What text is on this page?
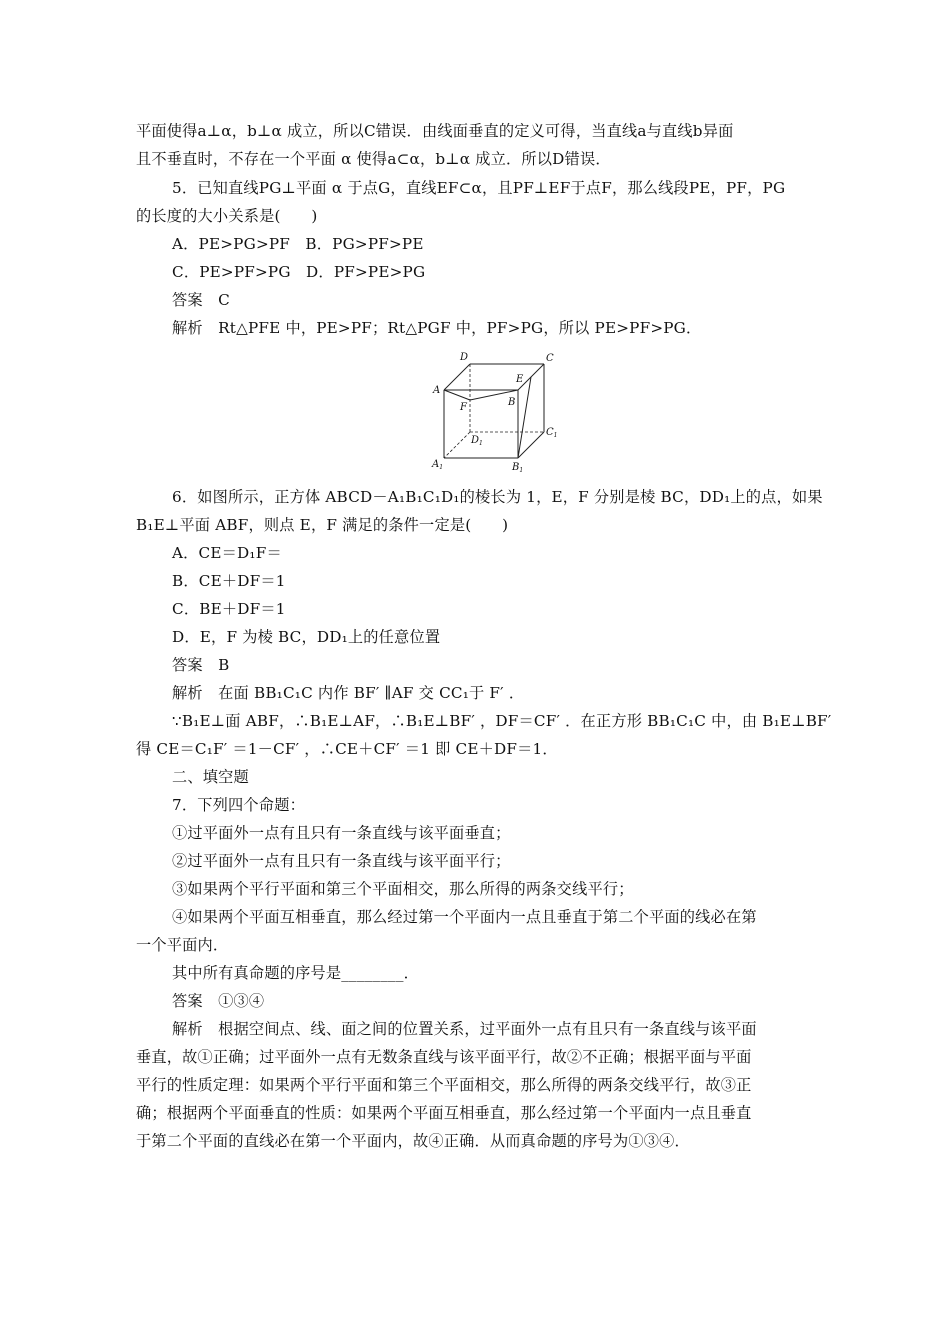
平面使得a⊥α，b⊥α 成立，所以C错误．由线面垂直的定义可得，当直线a与直线b异面
且不垂直时，不存在一个平面 α 使得a⊂α，b⊥α 成立．所以D错误．
5．已知直线PG⊥平面 α 于点G，直线EF⊂α，且PF⊥EF于点F，那么线段PE，PF，PG
的长度的大小关系是(　　)
A．PE>PG>PF　B．PG>PF>PE
C．PE>PF>PG　D．PF>PE>PG
答案　C
解析　Rt△PFE 中，PE>PF；Rt△PGF 中，PF>PG，所以 PE>PF>PG．
D	C
A
E
B
F
$D_1$
$C_1$
$A_1$	$B_1$
6．如图所示，正方体 ABCD－A₁B₁C₁D₁的棱长为 1，E，F 分别是棱 BC，DD₁上的点，如果
B₁E⊥平面 ABF，则点 E，F 满足的条件一定是(　　)
A．CE＝D₁F＝
B．CE＋DF＝1
C．BE＋DF＝1
D．E，F 为棱 BC，DD₁上的任意位置
答案　B
解析　在面 BB₁C₁C 内作 BF′ ∥AF 交 CC₁于 F′ ．
∵B₁E⊥面 ABF，∴B₁E⊥AF，∴B₁E⊥BF′ ，DF＝CF′ ．在正方形 BB₁C₁C 中，由 B₁E⊥BF′
得 CE＝C₁F′ ＝1－CF′ ，∴CE＋CF′ ＝1 即 CE＋DF＝1．
二、填空题
7．下列四个命题：
①过平面外一点有且只有一条直线与该平面垂直；
②过平面外一点有且只有一条直线与该平面平行；
③如果两个平行平面和第三个平面相交，那么所得的两条交线平行；
④如果两个平面互相垂直，那么经过第一个平面内一点且垂直于第二个平面的线必在第
一个平面内．
其中所有真命题的序号是________．
答案　①③④
解析　根据空间点、线、面之间的位置关系，过平面外一点有且只有一条直线与该平面
垂直，故①正确；过平面外一点有无数条直线与该平面平行，故②不正确；根据平面与平面
平行的性质定理：如果两个平行平面和第三个平面相交，那么所得的两条交线平行，故③正
确；根据两个平面垂直的性质：如果两个平面互相垂直，那么经过第一个平面内一点且垂直
于第二个平面的直线必在第一个平面内，故④正确．从而真命题的序号为①③④．
